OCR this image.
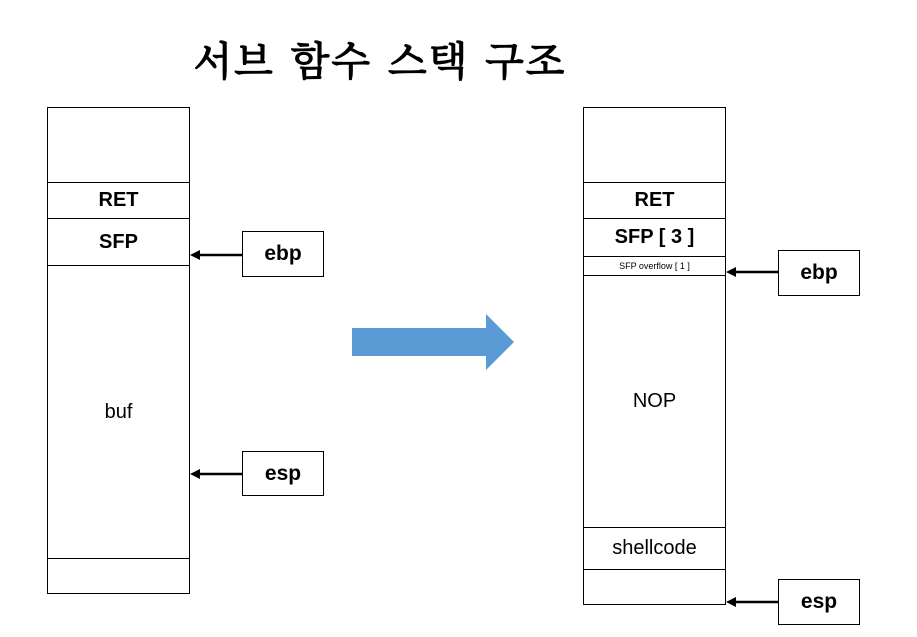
서브 함수 스택 구조
RET
SFP
buf
ebp
esp
RET
SFP [ 3 ]
SFP overflow [ 1 ]
NOP
shellcode
ebp
esp
